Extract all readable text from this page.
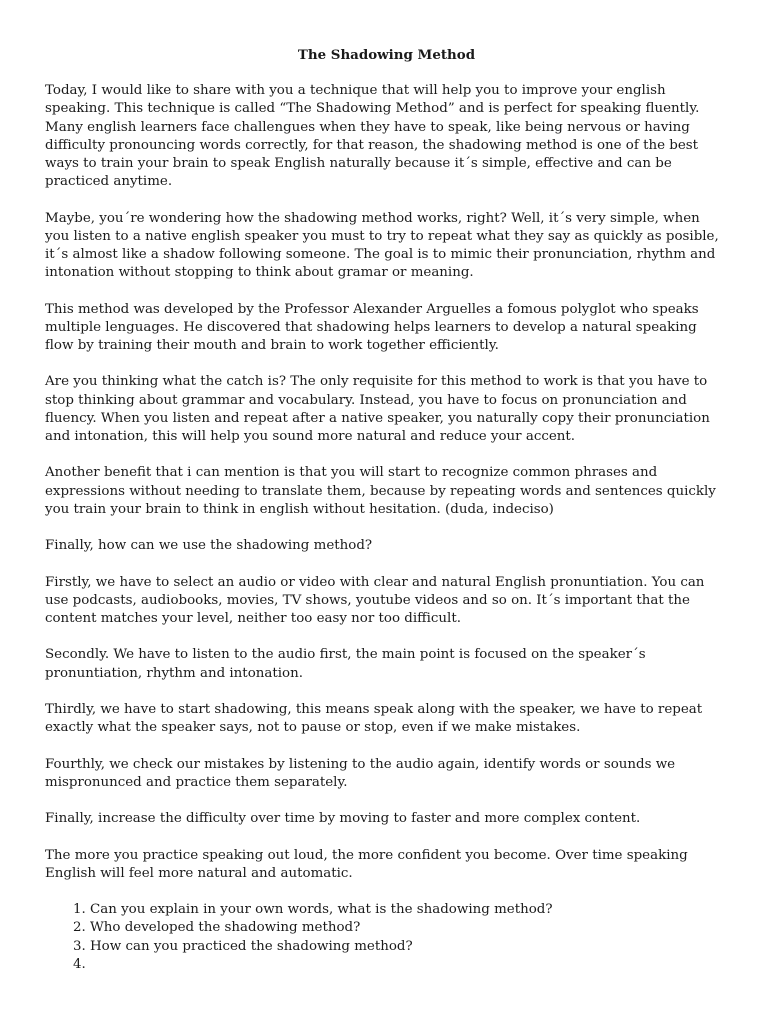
The Shadowing Method

Today, I would like to share with you a technique that will help you to improve your english speaking. This technique is called “The Shadowing Method” and is perfect for speaking fluently. Many english learners face challengues when they have to speak, like being nervous or having difficulty pronouncing words correctly, for that reason, the shadowing method is one of the best ways to train your brain to speak English naturally because it´s simple, effective and can be practiced anytime.

Maybe, you´re wondering how the shadowing method works, right? Well, it´s very simple, when you listen to a native english speaker you must to try to repeat what they say as quickly as posible, it´s almost like a shadow following someone. The goal is to mimic their pronunciation, rhythm and intonation without stopping to think about gramar or meaning.

This method was developed by the Professor Alexander Arguelles a fomous polyglot who speaks multiple lenguages. He discovered that shadowing helps learners to develop a natural speaking flow by training their mouth and brain to work together efficiently.

Are you thinking what the catch is? The only requisite for this method to work is that you have to stop thinking about grammar and vocabulary. Instead, you have to focus on pronunciation and fluency. When you listen and repeat after a native speaker, you naturally copy their pronunciation and intonation, this will help you sound more natural and reduce your accent.

Another benefit that i can mention is that you will start to recognize common phrases and expressions without needing to translate them, because by repeating words and sentences quickly you train your brain to think in english without hesitation. (duda, indeciso)

Finally, how can we use the shadowing method?

Firstly, we have to select an audio or video with clear and natural English pronuntiation. You can use podcasts, audiobooks, movies, TV shows, youtube videos and so on. It´s important that the content matches your level, neither too easy nor too difficult.

Secondly. We have to listen to the audio first, the main point is focused on the speaker´s pronuntiation, rhythm and intonation.

Thirdly, we have to start shadowing, this means speak along with the speaker, we have to repeat exactly what the speaker says, not to pause or stop, even if we make mistakes.

Fourthly, we check our mistakes by listening to the audio again, identify words or sounds we mispronunced and practice them separately.

Finally, increase the difficulty over time by moving to faster and more complex content.

The more you practice speaking out loud, the more confident you become. Over time speaking English will feel more natural and automatic.

1. Can you explain in your own words, what is the shadowing method?
2. Who developed the shadowing method?
3. How can you practiced the shadowing method?
4.
